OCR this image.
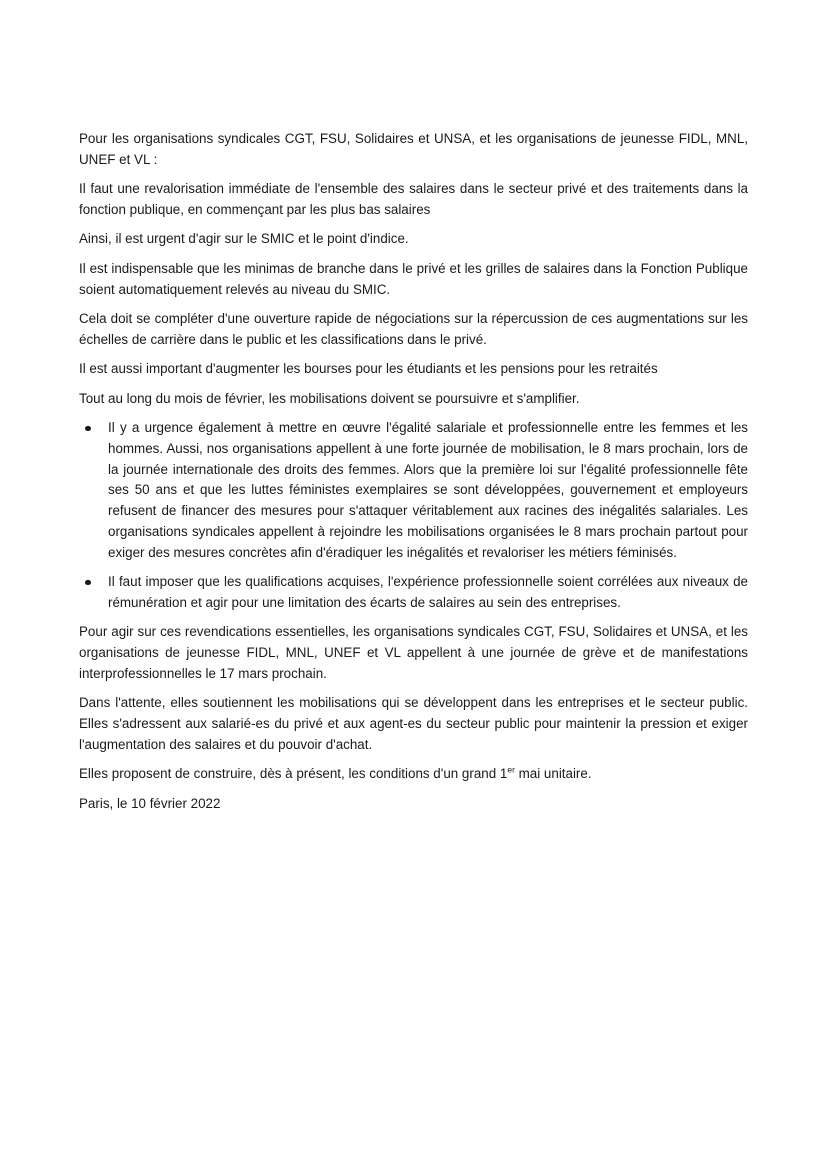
Pour les organisations syndicales CGT, FSU, Solidaires et UNSA, et les organisations de jeunesse FIDL, MNL, UNEF et VL :

Il faut une revalorisation immédiate de l'ensemble des salaires dans le secteur privé et des traitements dans la fonction publique, en commençant par les plus bas salaires

Ainsi, il est urgent d'agir sur le SMIC et le point d'indice.

Il est indispensable que les minimas de branche dans le privé et les grilles de salaires dans la Fonction Publique soient automatiquement relevés au niveau du SMIC.

Cela doit se compléter d'une ouverture rapide de négociations sur la répercussion de ces augmentations sur les échelles de carrière dans le public et les classifications dans le privé.

Il est aussi important d'augmenter les bourses pour les étudiants et les pensions pour les retraités

Tout au long du mois de février, les mobilisations doivent se poursuivre et s'amplifier.

Il y a urgence également à mettre en œuvre l'égalité salariale et professionnelle entre les femmes et les hommes. Aussi, nos organisations appellent à une forte journée de mobilisation, le 8 mars prochain, lors de la journée internationale des droits des femmes. Alors que la première loi sur l'égalité professionnelle fête ses 50 ans et que les luttes féministes exemplaires se sont développées, gouvernement et employeurs refusent de financer des mesures pour s'attaquer véritablement aux racines des inégalités salariales. Les organisations syndicales appellent à rejoindre les mobilisations organisées le 8 mars prochain partout pour exiger des mesures concrètes afin d'éradiquer les inégalités et revaloriser les métiers féminisés.
Il faut imposer que les qualifications acquises, l'expérience professionnelle soient corrélées aux niveaux de rémunération et agir pour une limitation des écarts de salaires au sein des entreprises.

Pour agir sur ces revendications essentielles, les organisations syndicales CGT, FSU, Solidaires et UNSA, et les organisations de jeunesse FIDL, MNL, UNEF et VL appellent à une journée de grève et de manifestations interprofessionnelles le 17 mars prochain.

Dans l'attente, elles soutiennent les mobilisations qui se développent dans les entreprises et le secteur public. Elles s'adressent aux salarié-es du privé et aux agent-es du secteur public pour maintenir la pression et exiger l'augmentation des salaires et du pouvoir d'achat.

Elles proposent de construire, dès à présent, les conditions d'un grand 1er mai unitaire.

Paris, le 10 février 2022
